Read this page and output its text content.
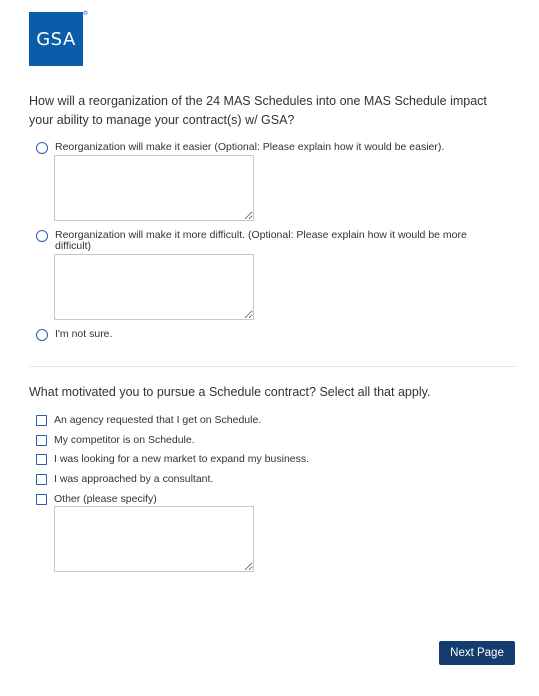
GSA
®
How will a reorganization of the 24 MAS Schedules into one MAS Schedule impact your ability to manage your contract(s) w/ GSA?
Reorganization will make it easier (Optional: Please explain how it would be easier).
Reorganization will make it more difficult. (Optional: Please explain how it would be more difficult)
I'm not sure.
What motivated you to pursue a Schedule contract? Select all that apply.
An agency requested that I get on Schedule.
My competitor is on Schedule.
I was looking for a new market to expand my business.
I was approached by a consultant.
Other (please specify)
Next Page
